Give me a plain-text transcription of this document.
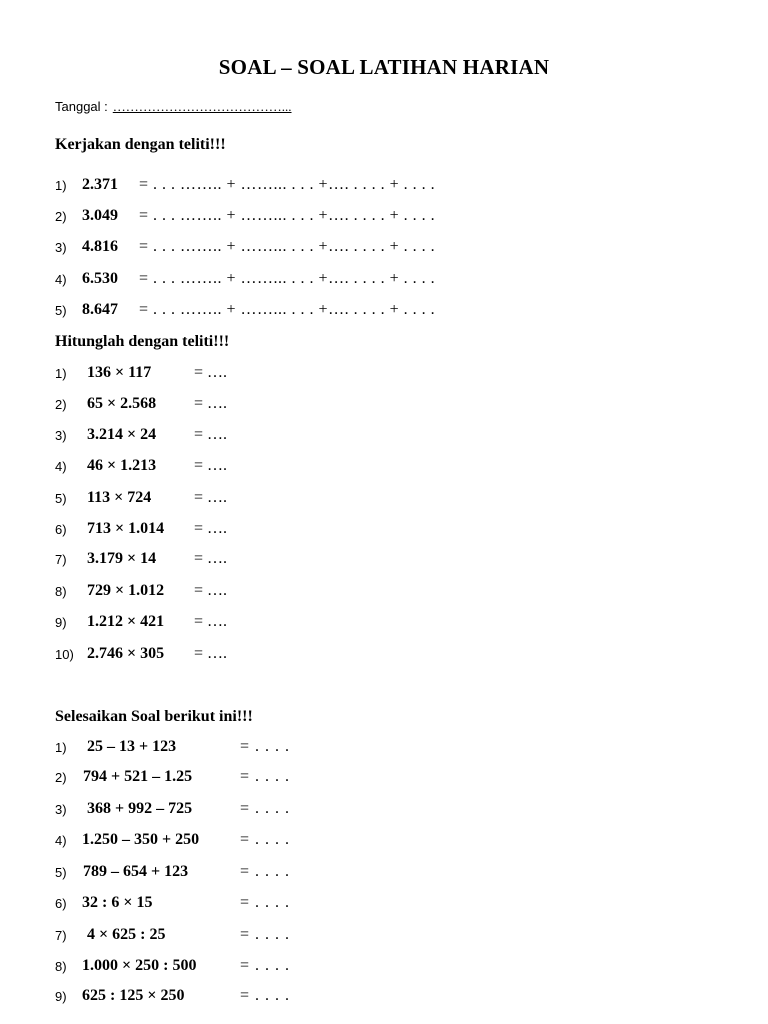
SOAL – SOAL LATIHAN HARIAN
Tanggal : …………………………………...
Kerjakan dengan teliti!!!
1) 2.371 = . . . …….. + ……... . . . +…. . . . . + . . . .
2) 3.049 = . . . …….. + ……... . . . +…. . . . . + . . . .
3) 4.816 = . . . …….. + ……... . . . +…. . . . . + . . . .
4) 6.530 = . . . …….. + ……... . . . +…. . . . . + . . . .
5) 8.647 = . . . …….. + ……... . . . +…. . . . . + . . . .
Hitunglah dengan teliti!!!
1) 136 × 117	= ….
2) 65 × 2.568 = ….
3) 3.214 × 24 = ….
4) 46 × 1.213 = ….
5) 113 × 724	= ….
6) 713 × 1.014 = ….
7) 3.179 × 14 = ….
8) 729 × 1.012 = ….
9) 1.212 × 421 = ….
10) 2.746 × 305 = ….
Selesaikan Soal berikut ini!!!
1) 25 – 13 + 123	= . . . .
2) 794 + 521 – 1.25	= . . . .
3) 368 + 992 – 725	= . . . .
4) 1.250 – 350 + 250	= . . . .
5) 789 – 654 + 123	= . . . .
6) 32 : 6 × 15	= . . . .
7) 4 × 625 : 25	= . . . .
8) 1.000 × 250 : 500	= . . . .
9) 625 : 125 × 250	= . . . .
